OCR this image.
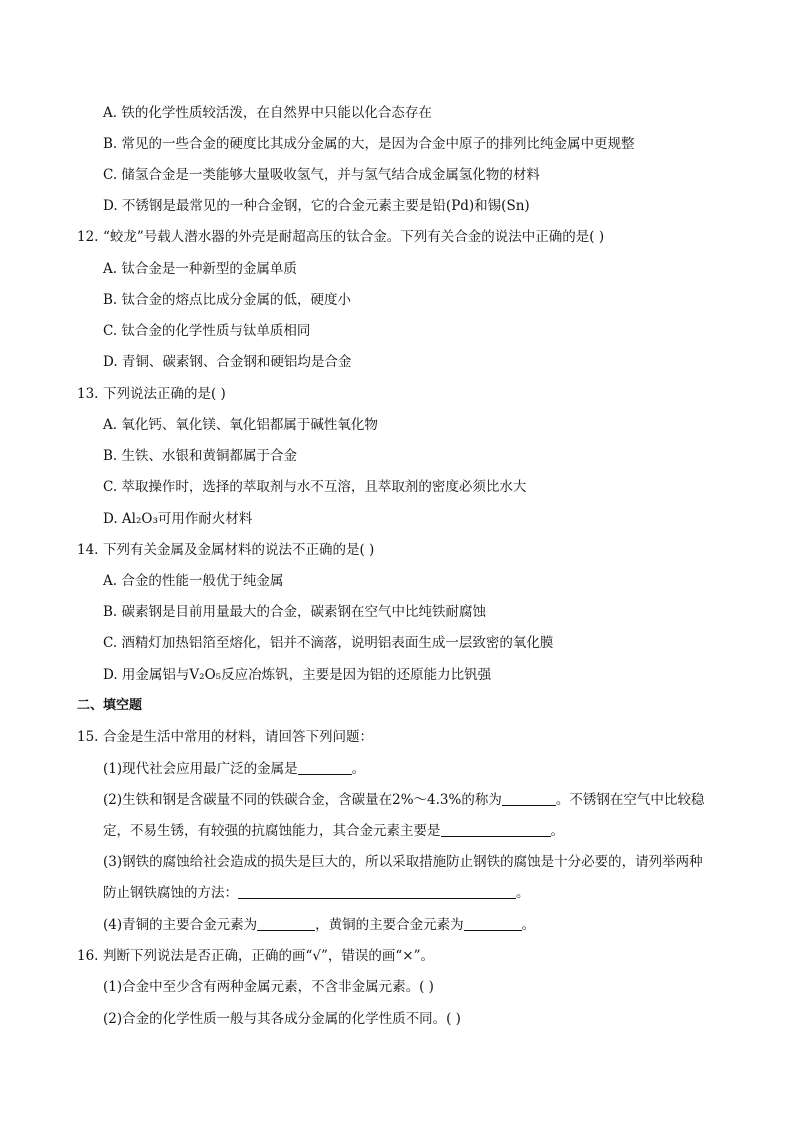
A. 铁的化学性质较活泼，在自然界中只能以化合态存在
B. 常见的一些合金的硬度比其成分金属的大，是因为合金中原子的排列比纯金属中更规整
C. 储氢合金是一类能够大量吸收氢气，并与氢气结合成金属氢化物的材料
D. 不锈钢是最常见的一种合金钢，它的合金元素主要是铅(Pd)和锡(Sn)
12. “蛟龙”号载人潜水器的外壳是耐超高压的钛合金。下列有关合金的说法中正确的是( )
A. 钛合金是一种新型的金属单质
B. 钛合金的熔点比成分金属的低，硬度小
C. 钛合金的化学性质与钛单质相同
D. 青铜、碳素钢、合金钢和硬铝均是合金
13. 下列说法正确的是( )
A. 氧化钙、氧化镁、氧化铝都属于碱性氧化物
B. 生铁、水银和黄铜都属于合金
C. 萃取操作时，选择的萃取剂与水不互溶，且萃取剂的密度必须比水大
D. Al₂O₃可用作耐火材料
14. 下列有关金属及金属材料的说法不正确的是( )
A. 合金的性能一般优于纯金属
B. 碳素钢是目前用量最大的合金，碳素钢在空气中比纯铁耐腐蚀
C. 酒精灯加热铝箔至熔化，铝并不滴落，说明铝表面生成一层致密的氧化膜
D. 用金属铝与V₂O₅反应冶炼钒，主要是因为铝的还原能力比钒强
二、填空题
15. 合金是生活中常用的材料，请回答下列问题：
(1)现代社会应用最广泛的金属是	。
(2)生铁和钢是含碳量不同的铁碳合金，含碳量在2%～4.3%的称为	。不锈钢在空气中比较稳
定，不易生锈，有较强的抗腐蚀能力，其合金元素主要是	。
(3)钢铁的腐蚀给社会造成的损失是巨大的，所以采取措施防止钢铁的腐蚀是十分必要的，请列举两种
防止钢铁腐蚀的方法：	。
(4)青铜的主要合金元素为	，黄铜的主要合金元素为	。
16. 判断下列说法是否正确，正确的画“√”，错误的画“×”。
(1)合金中至少含有两种金属元素，不含非金属元素。( )
(2)合金的化学性质一般与其各成分金属的化学性质不同。( )
